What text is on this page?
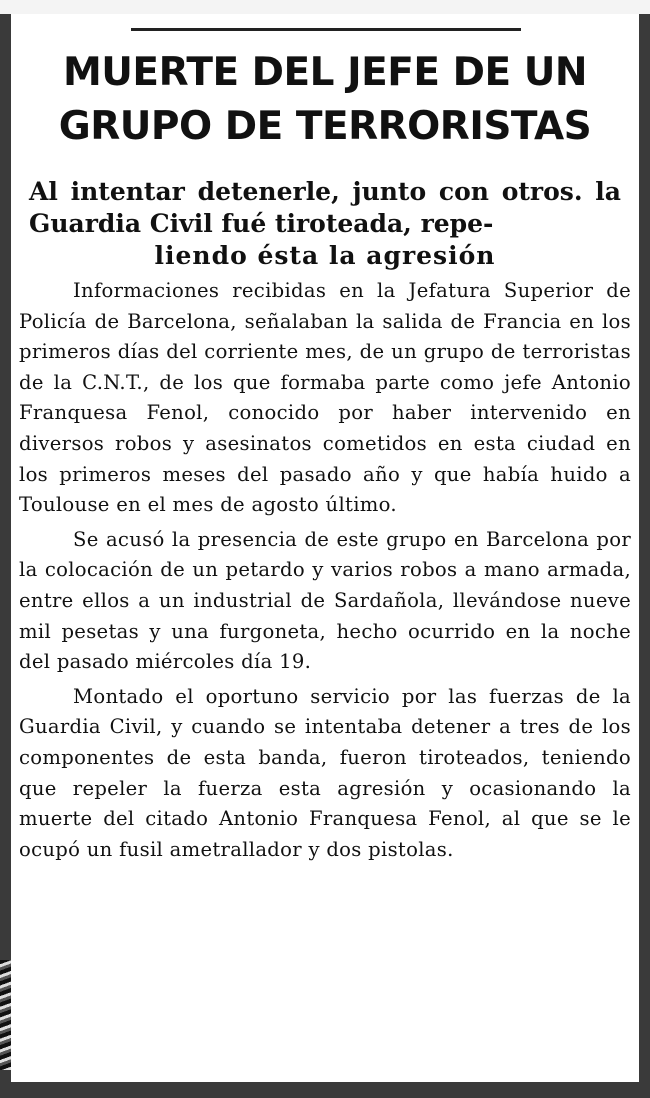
MUERTE DEL JEFE DE UN
GRUPO DE TERRORISTAS
Al intentar detenerle, junto con otros. la Guardia Civil fué tiroteada, repe-
liendo ésta la agresión

Informaciones recibidas en la Jefatura Superior de Policía de Barcelona, señalaban la salida de Francia en los primeros días del corriente mes, de un grupo de terroristas de la C.N.T., de los que formaba parte como jefe Antonio Franquesa Fenol, conocido por haber intervenido en diversos robos y asesinatos cometidos en esta ciudad en los primeros meses del pasado año y que había huido a Toulouse en el mes de agosto último.

Se acusó la presencia de este grupo en Barcelona por la colocación de un petardo y varios robos a mano armada, entre ellos a un industrial de Sardañola, llevándose nueve mil pesetas y una furgoneta, hecho ocurrido en la noche del pasado miércoles día 19.

Montado el oportuno servicio por las fuerzas de la Guardia Civil, y cuando se intentaba detener a tres de los componentes de esta banda, fueron tiroteados, teniendo que repeler la fuerza esta agresión y ocasionando la muerte del citado Antonio Franquesa Fenol, al que se le ocupó un fusil ametrallador y dos pistolas.
